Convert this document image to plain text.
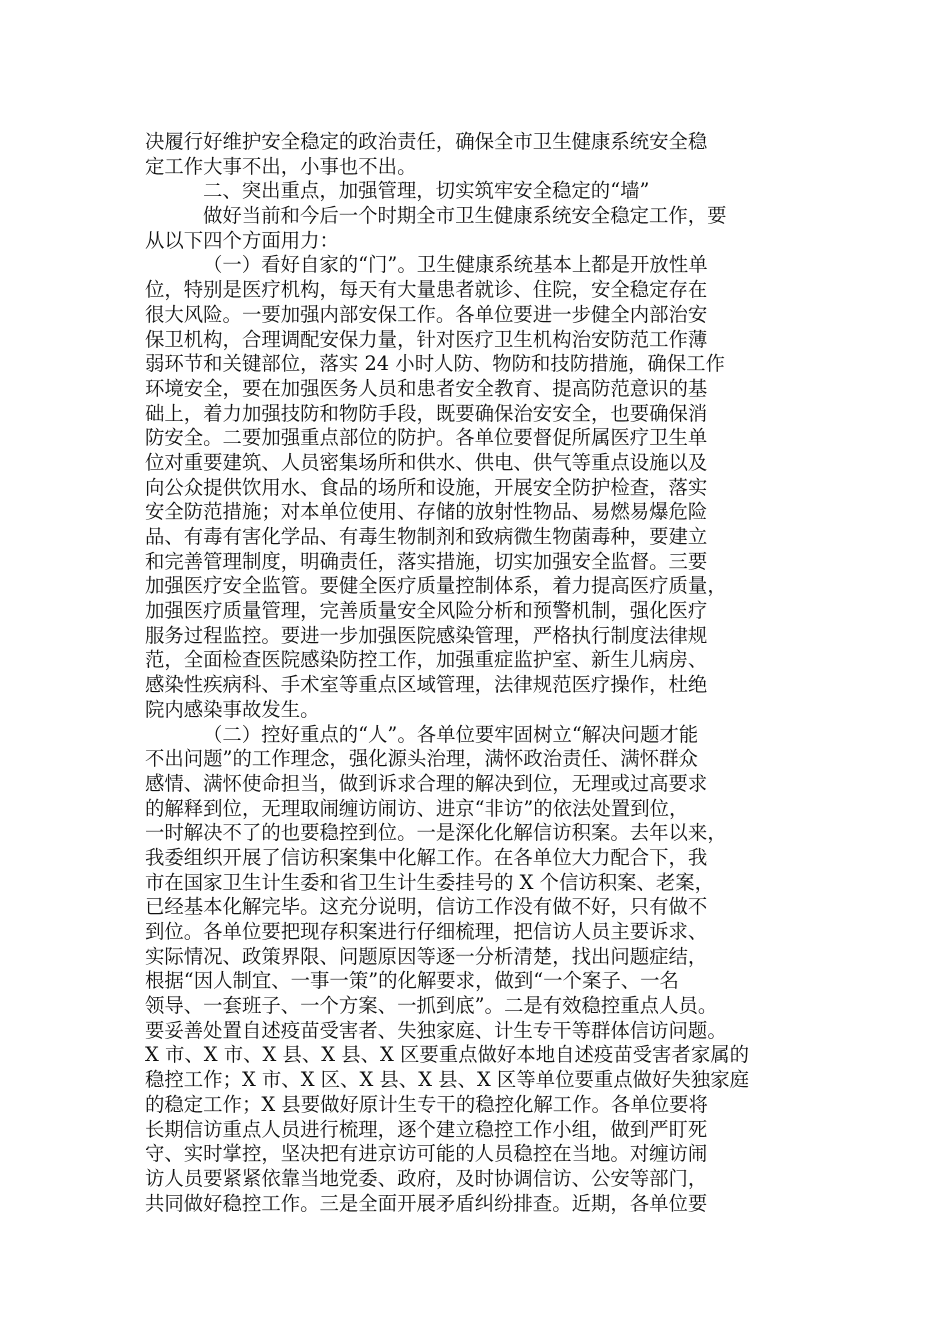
决履行好维护安全稳定的政治责任，确保全市卫生健康系统安全稳
定工作大事不出，小事也不出。
二、突出重点，加强管理，切实筑牢安全稳定的“墙”
做好当前和今后一个时期全市卫生健康系统安全稳定工作，要
从以下四个方面用力：
（一）看好自家的“门”。卫生健康系统基本上都是开放性单
位，特别是医疗机构，每天有大量患者就诊、住院，安全稳定存在
很大风险。一要加强内部安保工作。各单位要进一步健全内部治安
保卫机构，合理调配安保力量，针对医疗卫生机构治安防范工作薄
弱环节和关键部位，落实 24 小时人防、物防和技防措施，确保工作
环境安全，要在加强医务人员和患者安全教育、提高防范意识的基
础上，着力加强技防和物防手段，既要确保治安安全，也要确保消
防安全。二要加强重点部位的防护。各单位要督促所属医疗卫生单
位对重要建筑、人员密集场所和供水、供电、供气等重点设施以及
向公众提供饮用水、食品的场所和设施，开展安全防护检查，落实
安全防范措施；对本单位使用、存储的放射性物品、易燃易爆危险
品、有毒有害化学品、有毒生物制剂和致病微生物菌毒种，要建立
和完善管理制度，明确责任，落实措施，切实加强安全监督。三要
加强医疗安全监管。要健全医疗质量控制体系，着力提高医疗质量，
加强医疗质量管理，完善质量安全风险分析和预警机制，强化医疗
服务过程监控。要进一步加强医院感染管理，严格执行制度法律规
范，全面检查医院感染防控工作，加强重症监护室、新生儿病房、
感染性疾病科、手术室等重点区域管理，法律规范医疗操作，杜绝
院内感染事故发生。
（二）控好重点的“人”。各单位要牢固树立“解决问题才能
不出问题”的工作理念，强化源头治理，满怀政治责任、满怀群众
感情、满怀使命担当，做到诉求合理的解决到位，无理或过高要求
的解释到位，无理取闹缠访闹访、进京“非访”的依法处置到位，
一时解决不了的也要稳控到位。一是深化化解信访积案。去年以来，
我委组织开展了信访积案集中化解工作。在各单位大力配合下，我
市在国家卫生计生委和省卫生计生委挂号的 X 个信访积案、老案，
已经基本化解完毕。这充分说明，信访工作没有做不好，只有做不
到位。各单位要把现存积案进行仔细梳理，把信访人员主要诉求、
实际情况、政策界限、问题原因等逐一分析清楚，找出问题症结，
根据“因人制宜、一事一策”的化解要求，做到“一个案子、一名
领导、一套班子、一个方案、一抓到底”。二是有效稳控重点人员。
要妥善处置自述疫苗受害者、失独家庭、计生专干等群体信访问题。
X 市、X 市、X 县、X 县、X 区要重点做好本地自述疫苗受害者家属的
稳控工作；X 市、X 区、X 县、X 县、X 区等单位要重点做好失独家庭
的稳定工作；X 县要做好原计生专干的稳控化解工作。各单位要将
长期信访重点人员进行梳理，逐个建立稳控工作小组，做到严盯死
守、实时掌控，坚决把有进京访可能的人员稳控在当地。对缠访闹
访人员要紧紧依靠当地党委、政府，及时协调信访、公安等部门，
共同做好稳控工作。三是全面开展矛盾纠纷排查。近期，各单位要
